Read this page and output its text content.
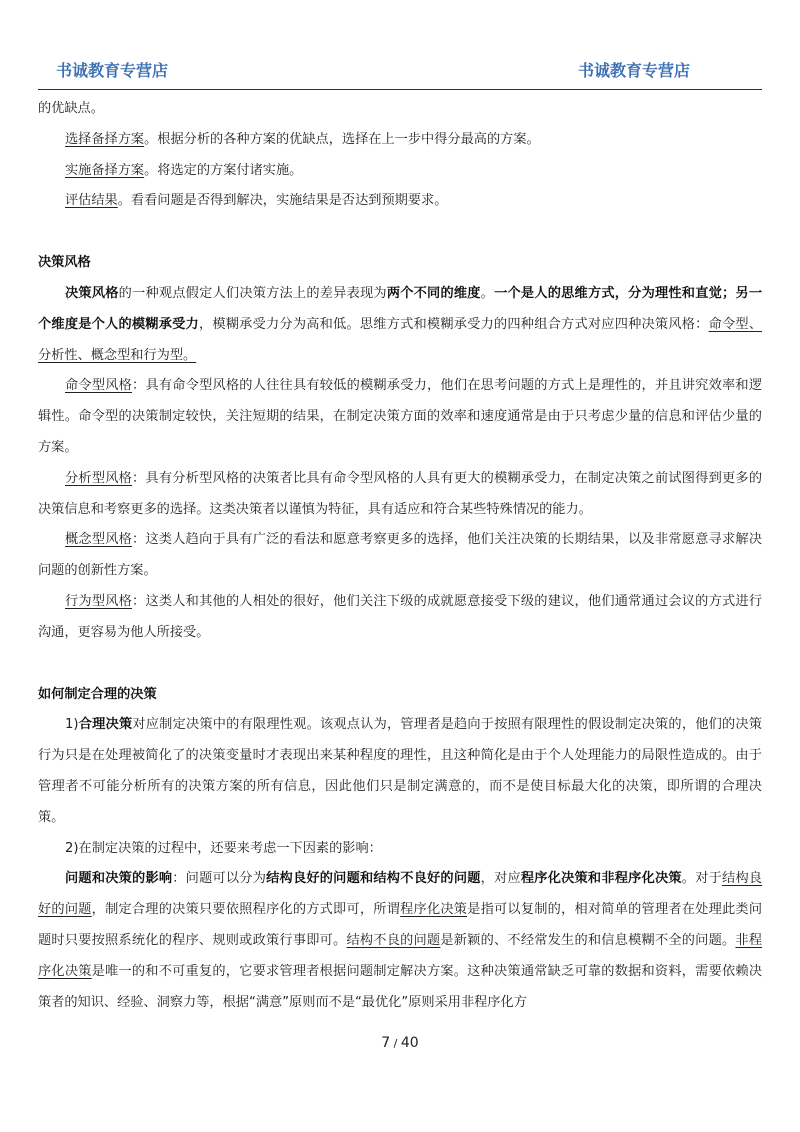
书诚教育专营店	书诚教育专营店

的优缺点。

选择备择方案。根据分析的各种方案的优缺点，选择在上一步中得分最高的方案。

实施备择方案。将选定的方案付诸实施。

评估结果。看看问题是否得到解决，实施结果是否达到预期要求。

决策风格

决策风格的一种观点假定人们决策方法上的差异表现为两个不同的维度。一个是人的思维方式，分为理性和直觉；另一个维度是个人的模糊承受力，模糊承受力分为高和低。思维方式和模糊承受力的四种组合方式对应四种决策风格：命令型、分析性、概念型和行为型。

命令型风格：具有命令型风格的人往往具有较低的模糊承受力，他们在思考问题的方式上是理性的，并且讲究效率和逻辑性。命令型的决策制定较快，关注短期的结果，在制定决策方面的效率和速度通常是由于只考虑少量的信息和评估少量的方案。

分析型风格：具有分析型风格的决策者比具有命令型风格的人具有更大的模糊承受力，在制定决策之前试图得到更多的决策信息和考察更多的选择。这类决策者以谨慎为特征，具有适应和符合某些特殊情况的能力。

概念型风格：这类人趋向于具有广泛的看法和愿意考察更多的选择，他们关注决策的长期结果，以及非常愿意寻求解决问题的创新性方案。

行为型风格：这类人和其他的人相处的很好，他们关注下级的成就愿意接受下级的建议，他们通常通过会议的方式进行沟通，更容易为他人所接受。

如何制定合理的决策

1)合理决策对应制定决策中的有限理性观。该观点认为，管理者是趋向于按照有限理性的假设制定决策的，他们的决策行为只是在处理被简化了的决策变量时才表现出来某种程度的理性，且这种简化是由于个人处理能力的局限性造成的。由于管理者不可能分析所有的决策方案的所有信息，因此他们只是制定满意的，而不是使目标最大化的决策，即所谓的合理决策。

2)在制定决策的过程中，还要来考虑一下因素的影响：

问题和决策的影响：问题可以分为结构良好的问题和结构不良好的问题，对应程序化决策和非程序化决策。对于结构良好的问题，制定合理的决策只要依照程序化的方式即可，所谓程序化决策是指可以复制的，相对简单的管理者在处理此类问题时只要按照系统化的程序、规则或政策行事即可。结构不良的问题是新颖的、不经常发生的和信息模糊不全的问题。非程序化决策是唯一的和不可重复的，它要求管理者根据问题制定解决方案。这种决策通常缺乏可靠的数据和资料，需要依赖决策者的知识、经验、洞察力等，根据“满意”原则而不是“最优化”原则采用非程序化方

7 / 40
